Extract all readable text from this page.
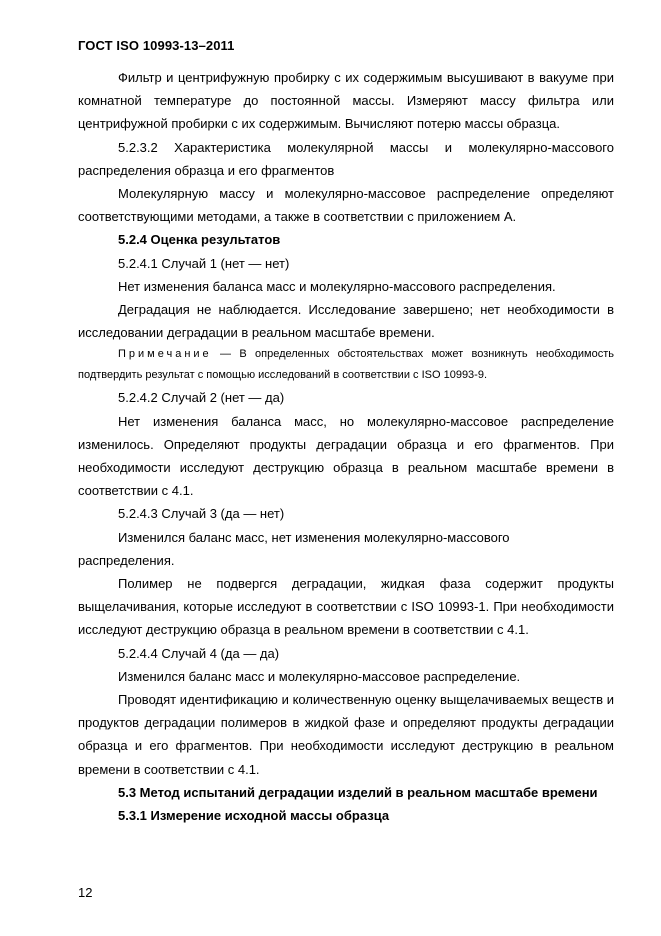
ГОСТ ISO 10993-13–2011

Фильтр и центрифужную пробирку с их содержимым высушивают в вакууме при комнатной температуре до постоянной массы. Измеряют массу фильтра или центрифужной пробирки с их содержимым. Вычисляют потерю массы образца.

5.2.3.2 Характеристика молекулярной массы и молекулярно-массового распределения образца и его фрагментов

Молекулярную массу и молекулярно-массовое распределение определяют соответствующими методами, а также в соответствии с приложением А.

5.2.4 Оценка результатов

5.2.4.1 Случай 1 (нет — нет)

Нет изменения баланса масс и молекулярно-массового распределения.

Деградация не наблюдается. Исследование завершено; нет необходимости в исследовании деградации в реальном масштабе времени.

Примечание — В определенных обстоятельствах может возникнуть необходимость подтвердить результат с помощью исследований в соответствии с ISO 10993-9.

5.2.4.2 Случай 2 (нет — да)

Нет изменения баланса масс, но молекулярно-массовое распределение изменилось. Определяют продукты деградации образца и его фрагментов. При необходимости исследуют деструкцию образца в реальном масштабе времени в соответствии с 4.1.

5.2.4.3 Случай 3 (да — нет)

Изменился баланс масс, нет изменения молекулярно-массового

распределения.

Полимер не подвергся деградации, жидкая фаза содержит продукты выщелачивания, которые исследуют в соответствии с ISO 10993-1. При необходимости исследуют деструкцию образца в реальном времени в соответствии с 4.1.

5.2.4.4 Случай 4 (да — да)

Изменился баланс масс и молекулярно-массовое распределение.

Проводят идентификацию и количественную оценку выщелачиваемых веществ и продуктов деградации полимеров в жидкой фазе и определяют продукты деградации образца и его фрагментов. При необходимости исследуют деструкцию в реальном времени в соответствии с 4.1.

5.3 Метод испытаний деградации изделий в реальном масштабе времени

5.3.1 Измерение исходной массы образца

12
